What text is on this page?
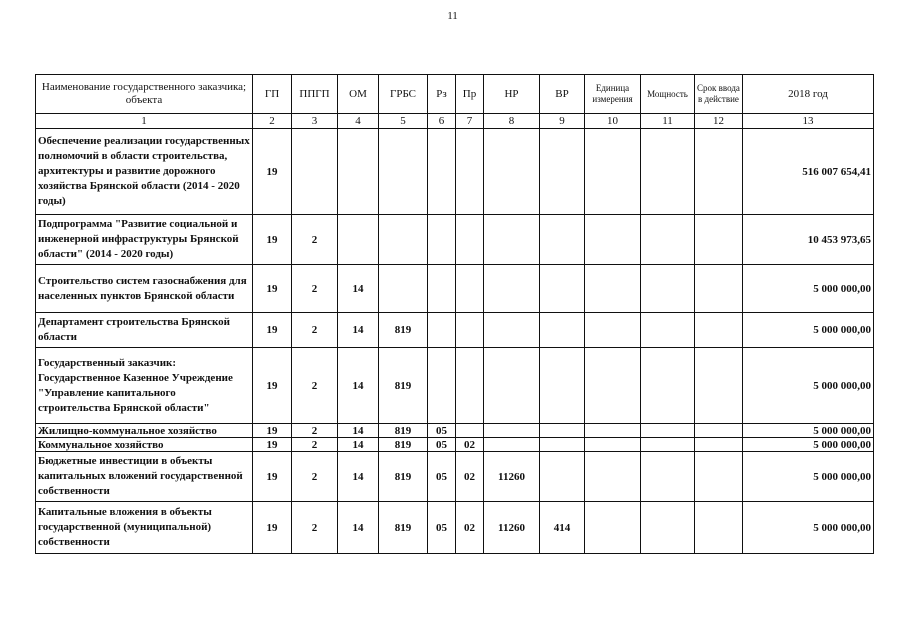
11
Наименование государственного заказчика; объекта	ГП	ППГП	ОМ	ГРБС	Рз	Пр	НР	ВР	Единица измерения	Мощность	Срок ввода в действие	2018 год
1	2	3	4	5	6	7	8	9	10	11	12	13
Обеспечение реализации государственных полномочий в области строительства, архитектуры и развитие дорожного хозяйства Брянской области (2014 - 2020 годы)	19											516 007 654,41
Подпрограмма "Развитие социальной и инженерной инфраструктуры Брянской области" (2014 - 2020 годы)	19	2										10 453 973,65
Строительство систем газоснабжения для населенных пунктов Брянской области	19	2	14									5 000 000,00
Департамент строительства Брянской области	19	2	14	819								5 000 000,00
Государственный заказчик: Государственное Казенное Учреждение "Управление капитального строительства Брянской области"	19	2	14	819								5 000 000,00
Жилищно-коммунальное хозяйство	19	2	14	819	05							5 000 000,00
Коммунальное хозяйство	19	2	14	819	05	02						5 000 000,00
Бюджетные инвестиции в объекты капитальных вложений государственной собственности	19	2	14	819	05	02	11260					5 000 000,00
Капитальные вложения в объекты государственной (муниципальной) собственности	19	2	14	819	05	02	11260	414				5 000 000,00
